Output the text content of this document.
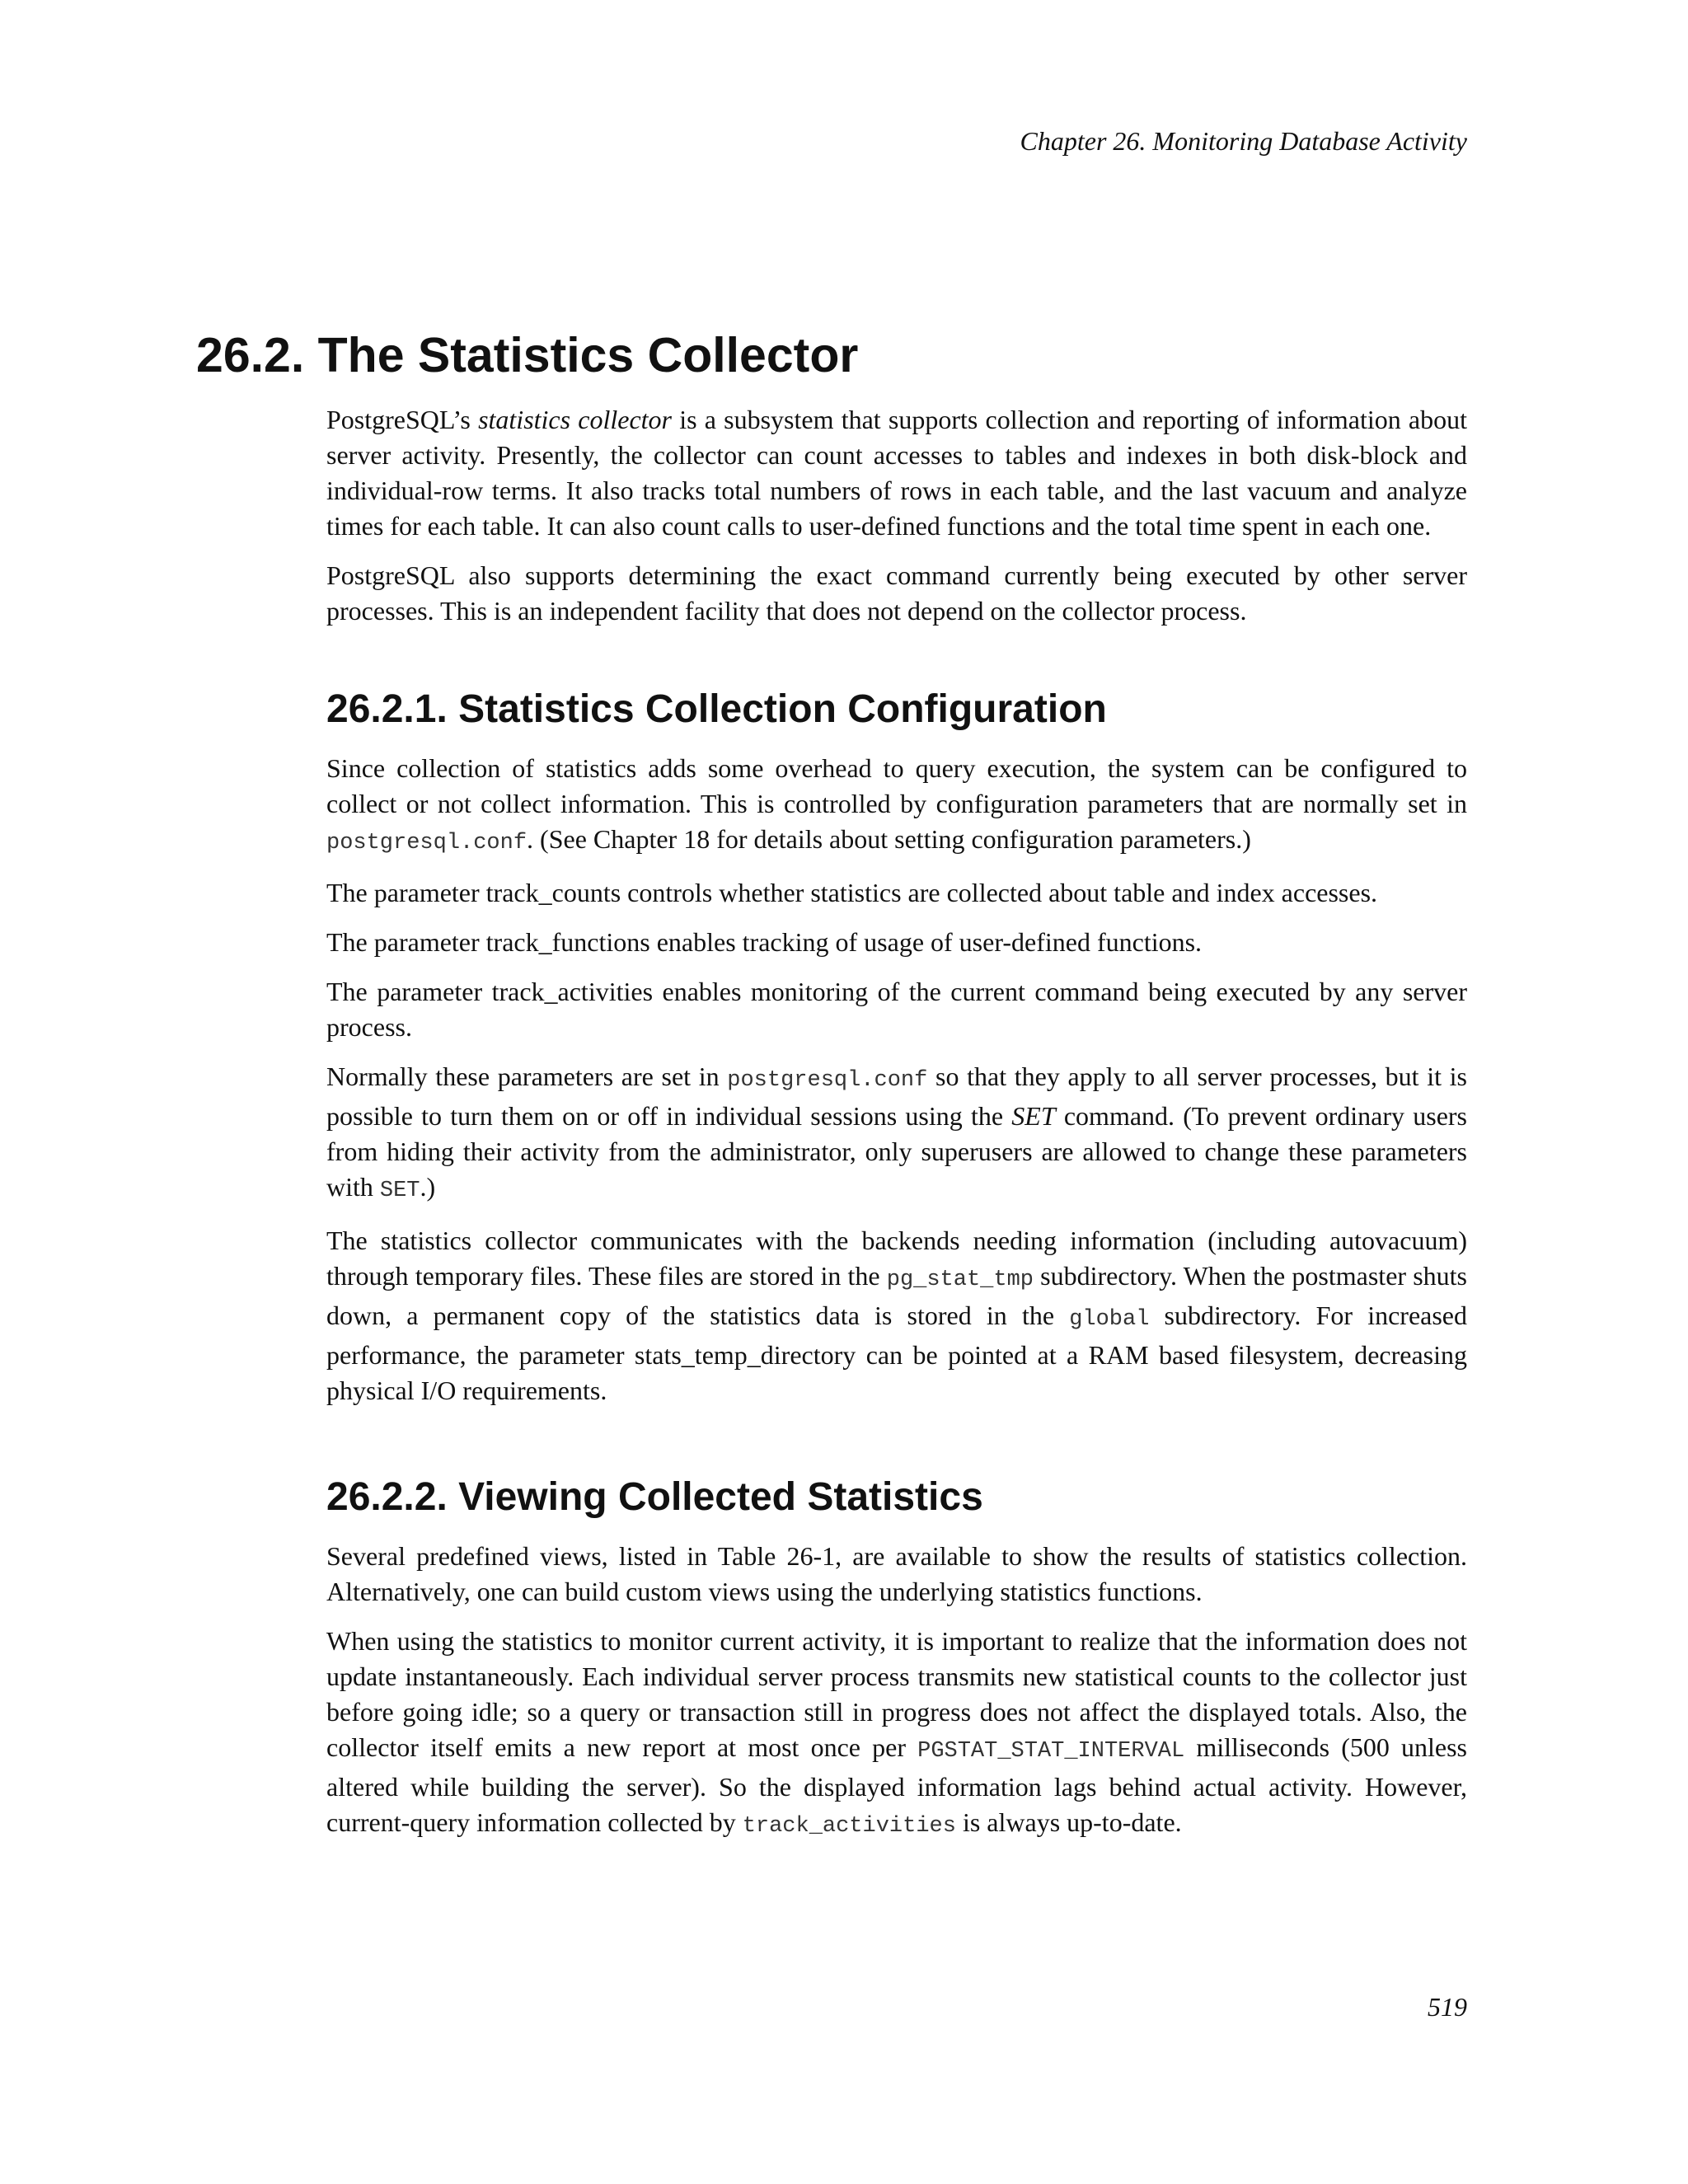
Chapter 26. Monitoring Database Activity
26.2. The Statistics Collector

PostgreSQL’s statistics collector is a subsystem that supports collection and reporting of information about server activity. Presently, the collector can count accesses to tables and indexes in both disk-block and individual-row terms. It also tracks total numbers of rows in each table, and the last vacuum and analyze times for each table. It can also count calls to user-defined functions and the total time spent in each one.

PostgreSQL also supports determining the exact command currently being executed by other server processes. This is an independent facility that does not depend on the collector process.

26.2.1. Statistics Collection Configuration

Since collection of statistics adds some overhead to query execution, the system can be configured to collect or not collect information. This is controlled by configuration parameters that are normally set in postgresql.conf. (See Chapter 18 for details about setting configuration parameters.)

The parameter track_counts controls whether statistics are collected about table and index accesses.

The parameter track_functions enables tracking of usage of user-defined functions.

The parameter track_activities enables monitoring of the current command being executed by any server process.

Normally these parameters are set in postgresql.conf so that they apply to all server processes, but it is possible to turn them on or off in individual sessions using the SET command. (To prevent ordinary users from hiding their activity from the administrator, only superusers are allowed to change these parameters with SET.)

The statistics collector communicates with the backends needing information (including autovacuum) through temporary files. These files are stored in the pg_stat_tmp subdirectory. When the postmaster shuts down, a permanent copy of the statistics data is stored in the global subdirectory. For increased performance, the parameter stats_temp_directory can be pointed at a RAM based filesystem, decreasing physical I/O requirements.

26.2.2. Viewing Collected Statistics

Several predefined views, listed in Table 26-1, are available to show the results of statistics collection. Alternatively, one can build custom views using the underlying statistics functions.

When using the statistics to monitor current activity, it is important to realize that the information does not update instantaneously. Each individual server process transmits new statistical counts to the collector just before going idle; so a query or transaction still in progress does not affect the displayed totals. Also, the collector itself emits a new report at most once per PGSTAT_STAT_INTERVAL milliseconds (500 unless altered while building the server). So the displayed information lags behind actual activity. However, current-query information collected by track_activities is always up-to-date.

519
